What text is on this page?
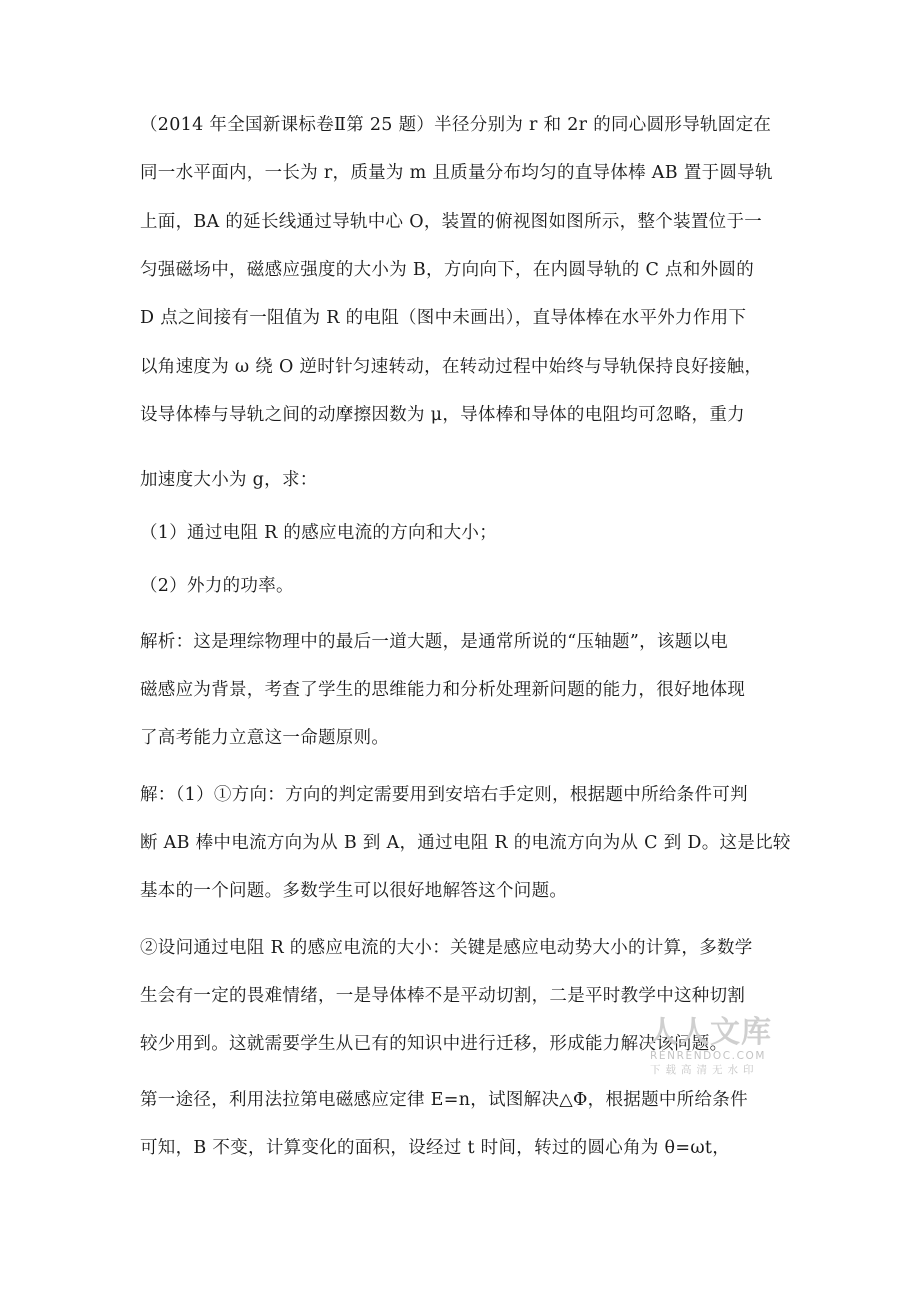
（2014 年全国新课标卷Ⅱ第 25 题）半径分别为 r 和 2r 的同心圆形导轨固定在
同一水平面内，一长为 r，质量为 m 且质量分布均匀的直导体棒 AB 置于圆导轨
上面，BA 的延长线通过导轨中心 O，装置的俯视图如图所示，整个装置位于一
匀强磁场中，磁感应强度的大小为 B，方向向下，在内圆导轨的 C 点和外圆的
D 点之间接有一阻值为 R 的电阻（图中未画出），直导体棒在水平外力作用下
以角速度为 ω 绕 O 逆时针匀速转动，在转动过程中始终与导轨保持良好接触，
设导体棒与导轨之间的动摩擦因数为 μ，导体棒和导体的电阻均可忽略，重力
加速度大小为 g，求：
（1）通过电阻 R 的感应电流的方向和大小；
（2）外力的功率。
解析：这是理综物理中的最后一道大题，是通常所说的“压轴题”，该题以电
磁感应为背景，考查了学生的思维能力和分析处理新问题的能力，很好地体现
了高考能力立意这一命题原则。
解：（1）①方向：方向的判定需要用到安培右手定则，根据题中所给条件可判
断 AB 棒中电流方向为从 B 到 A，通过电阻 R 的电流方向为从 C 到 D。这是比较
基本的一个问题。多数学生可以很好地解答这个问题。
②设问通过电阻 R 的感应电流的大小：关键是感应电动势大小的计算，多数学
生会有一定的畏难情绪，一是导体棒不是平动切割，二是平时教学中这种切割
较少用到。这就需要学生从已有的知识中进行迁移，形成能力解决该问题。
第一途径，利用法拉第电磁感应定律 E=n，试图解决△Φ，根据题中所给条件
可知，B 不变，计算变化的面积，设经过 t 时间，转过的圆心角为 θ=ωt，
人人文库
RENRENDOC.COM
下载高清无水印
